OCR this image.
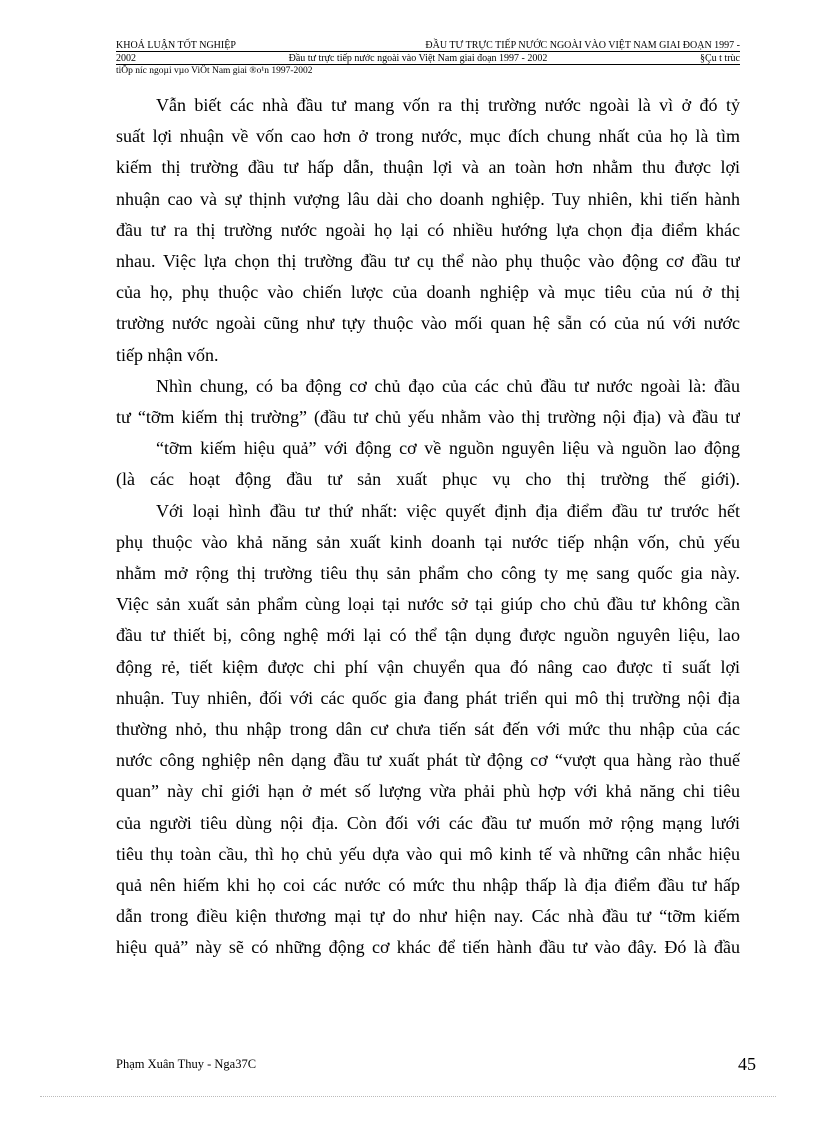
KHOÁ LUẬN TỐT NGHIỆP	ĐẦU TƯ TRỰC TIẾP NƯỚC NGOÀI VÀO VIỆT NAM GIAI ĐOẠN 1997 -
2002	Đầu tư trực tiếp nước ngoài vào Việt Nam giai đoạn 1997 - 2002	§Çu t trùc
tiÕp níc ngoµi vµo ViÖt Nam giai ®o¹n 1997-2002
Vẫn biết các nhà đầu tư mang vốn ra thị trường nước ngoài là vì ở đó tỷ
suất lợi nhuận về vốn cao hơn ở trong nước, mục đích chung nhất của họ là tìm
kiếm thị trường đầu tư hấp dẫn, thuận lợi và an toàn hơn nhằm thu được lợi
nhuận cao và sự thịnh vượng lâu dài cho doanh nghiệp. Tuy nhiên, khi tiến hành
đầu tư ra thị trường nước ngoài họ lại có nhiều hướng lựa chọn địa điểm khác
nhau. Việc lựa chọn thị trường đầu tư cụ thể nào phụ thuộc vào động cơ đầu tư
của họ, phụ thuộc vào chiến lược của doanh nghiệp và mục tiêu của nú ở thị
trường nước ngoài cũng như tựy thuộc vào mối quan hệ sẵn có của nú với nước
tiếp nhận vốn.
Nhìn chung, có ba động cơ chủ đạo của các chủ đầu tư nước ngoài là: đầu
tư “tỡm kiếm thị trường” (đầu tư chủ yếu nhằm vào thị trường nội địa) và đầu tư
“tỡm kiếm hiệu quả” với động cơ về nguồn nguyên liệu và nguồn lao động
(là các hoạt động đầu tư sản xuất phục vụ cho thị trường thế giới).
Với loại hình đầu tư thứ nhất: việc quyết định địa điểm đầu tư trước hết
phụ thuộc vào khả năng sản xuất kinh doanh tại nước tiếp nhận vốn, chủ yếu
nhằm mở rộng thị trường tiêu thụ sản phẩm cho công ty mẹ sang quốc gia này.
Việc sản xuất sản phẩm cùng loại tại nước sở tại giúp cho chủ đầu tư không cần
đầu tư thiết bị, công nghệ mới lại có thể tận dụng được nguồn nguyên liệu, lao
động rẻ, tiết kiệm được chi phí vận chuyển qua đó nâng cao được tỉ suất lợi
nhuận. Tuy nhiên, đối với các quốc gia đang phát triển qui mô thị trường nội địa
thường nhỏ, thu nhập trong dân cư chưa tiến sát đến với mức thu nhập của các
nước công nghiệp nên dạng đầu tư xuất phát từ động cơ “vượt qua hàng rào thuế
quan” này chỉ giới hạn ở mét số lượng vừa phải phù hợp với khả năng chi tiêu
của người tiêu dùng nội địa. Còn đối với các đầu tư muốn mở rộng mạng lưới
tiêu thụ toàn cầu, thì họ chủ yếu dựa vào qui mô kinh tế và những cân nhắc hiệu
quả nên hiếm khi họ coi các nước có mức thu nhập thấp là địa điểm đầu tư hấp
dẫn trong điều kiện thương mại tự do như hiện nay. Các nhà đầu tư “tỡm kiếm
hiệu quả” này sẽ có những động cơ khác để tiến hành đầu tư vào đây. Đó là đầu
Phạm Xuân Thuy - Nga37C	45
